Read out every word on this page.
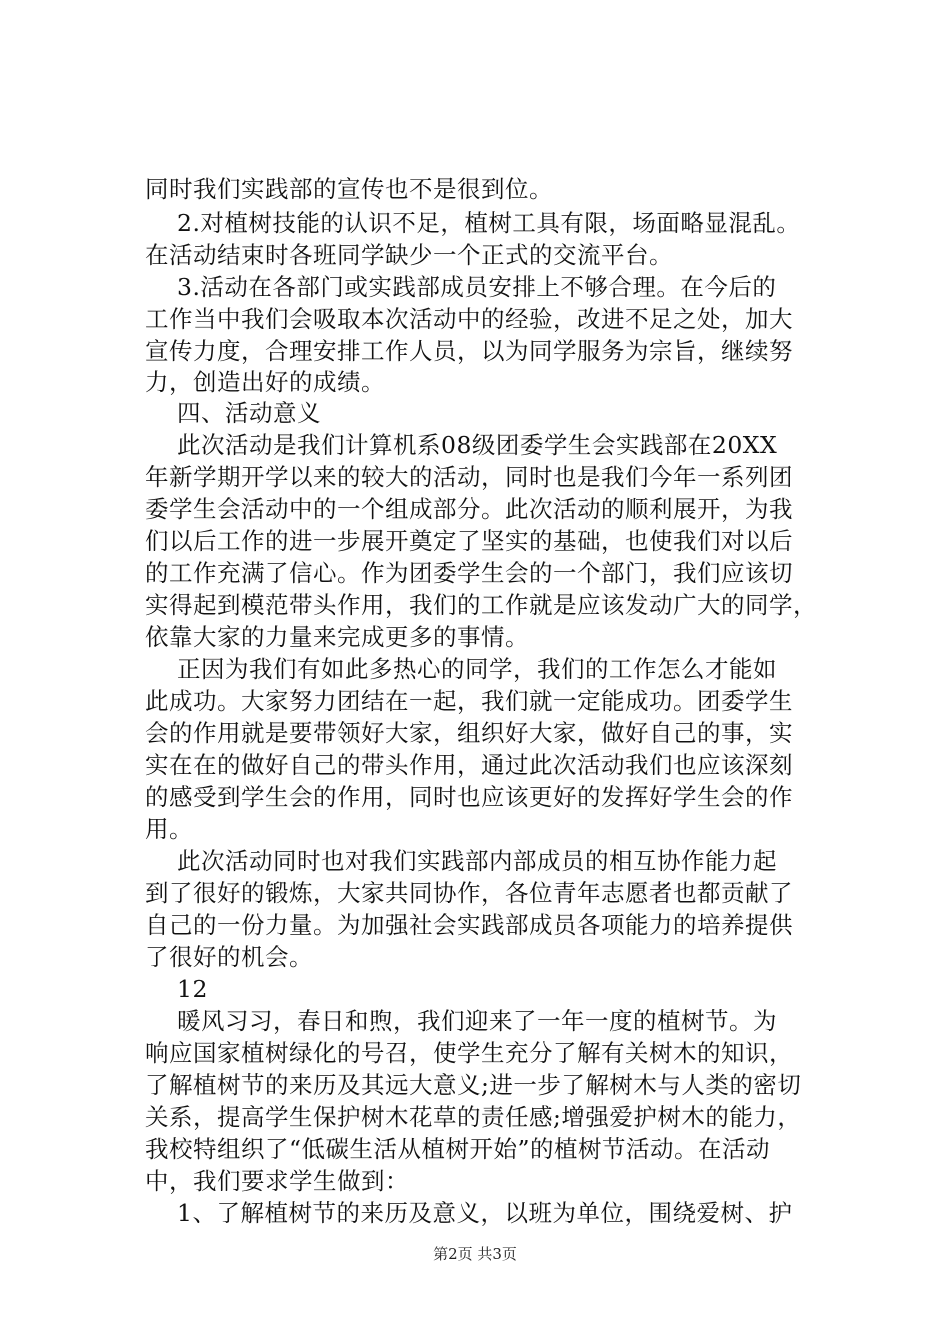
同时我们实践部的宣传也不是很到位。
2.对植树技能的认识不足，植树工具有限，场面略显混乱。
在活动结束时各班同学缺少一个正式的交流平台。
3.活动在各部门或实践部成员安排上不够合理。在今后的
工作当中我们会吸取本次活动中的经验，改进不足之处，加大
宣传力度，合理安排工作人员，以为同学服务为宗旨，继续努
力，创造出好的成绩。
四、活动意义
此次活动是我们计算机系08级团委学生会实践部在20XX
年新学期开学以来的较大的活动，同时也是我们今年一系列团
委学生会活动中的一个组成部分。此次活动的顺利展开，为我
们以后工作的进一步展开奠定了坚实的基础，也使我们对以后
的工作充满了信心。作为团委学生会的一个部门，我们应该切
实得起到模范带头作用，我们的工作就是应该发动广大的同学，
依靠大家的力量来完成更多的事情。
正因为我们有如此多热心的同学，我们的工作怎么才能如
此成功。大家努力团结在一起，我们就一定能成功。团委学生
会的作用就是要带领好大家，组织好大家，做好自己的事，实
实在在的做好自己的带头作用，通过此次活动我们也应该深刻
的感受到学生会的作用，同时也应该更好的发挥好学生会的作
用。
此次活动同时也对我们实践部内部成员的相互协作能力起
到了很好的锻炼，大家共同协作，各位青年志愿者也都贡献了
自己的一份力量。为加强社会实践部成员各项能力的培养提供
了很好的机会。
12
暖风习习，春日和煦，我们迎来了一年一度的植树节。为
响应国家植树绿化的号召，使学生充分了解有关树木的知识，
了解植树节的来历及其远大意义;进一步了解树木与人类的密切
关系，提高学生保护树木花草的责任感;增强爱护树木的能力，
我校特组织了“低碳生活从植树开始”的植树节活动。在活动
中，我们要求学生做到：
1、了解植树节的来历及意义，以班为单位，围绕爱树、护
第2页 共3页
